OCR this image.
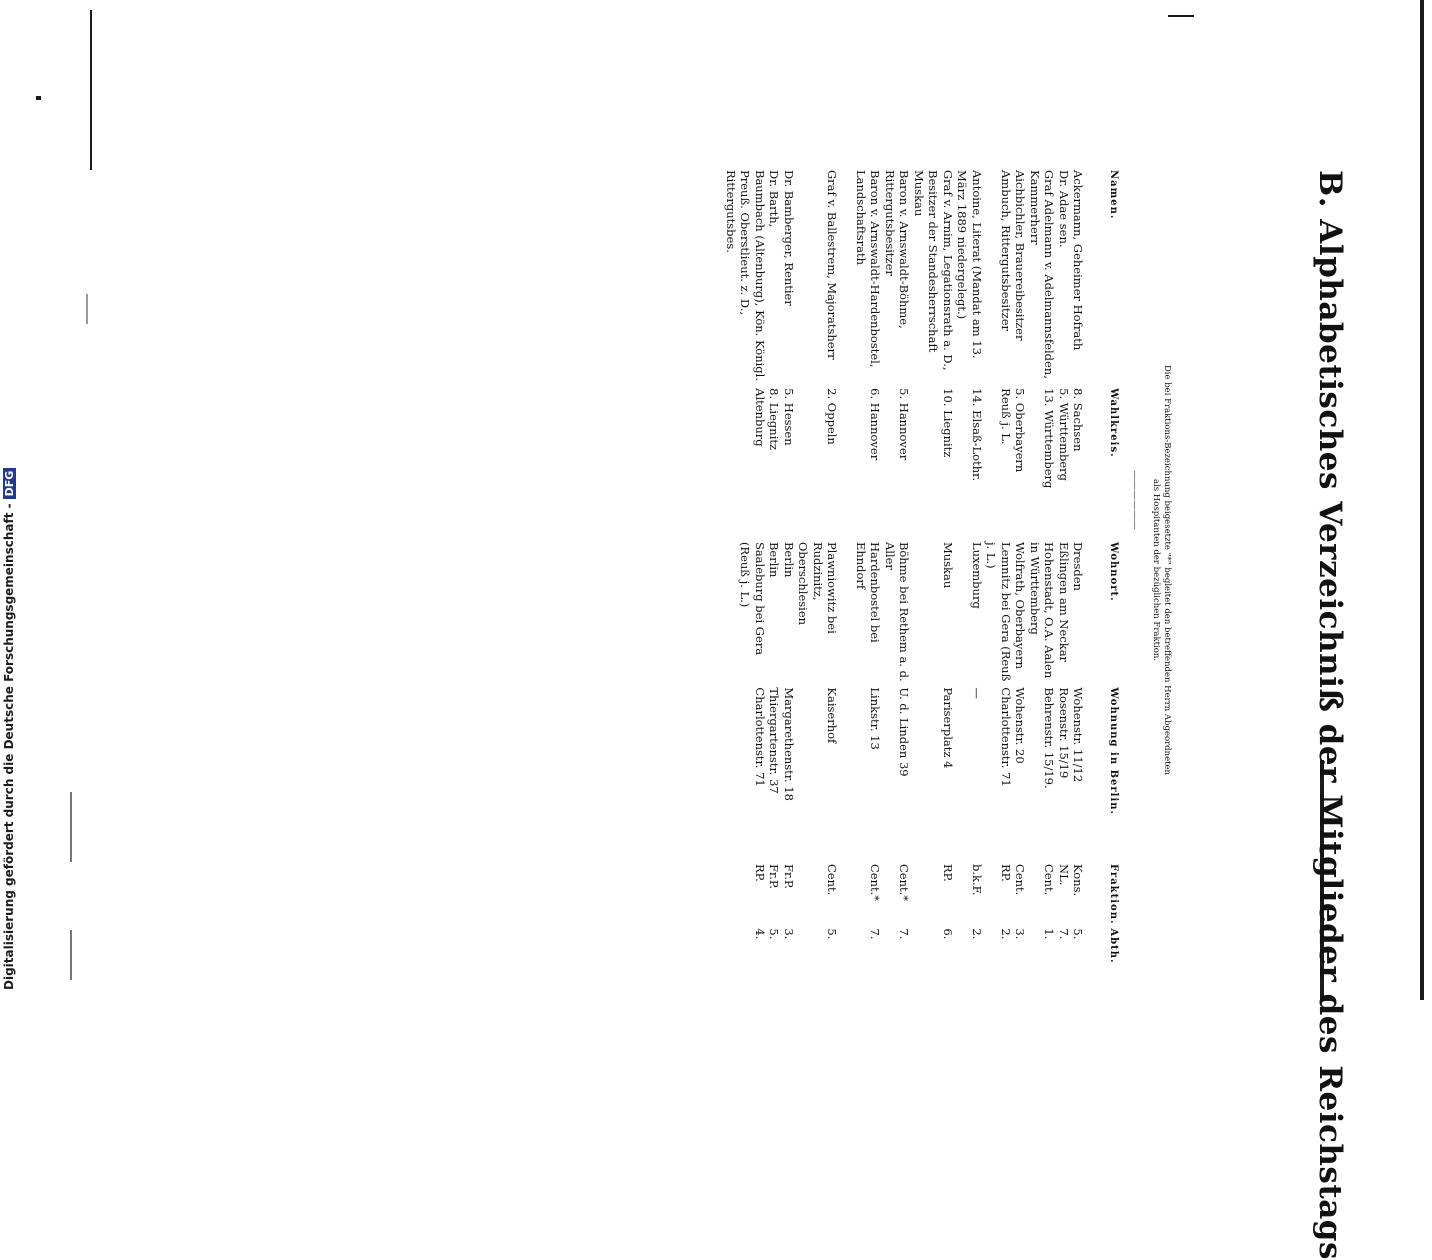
Digitalisierung gefördert durch die Deutsche Forschungsgemeinschaft -DFG	B. Alphabetisches Verzeichniß der Mitglieder des Reichstags
Die bei Fraktions-Bezeichnung beigesetzte "*" begleitet den betreffenden Herrn Abgeordneten
als Hospitanten der bezüglichen Fraktion.
——————
Namen.	Wahlkreis.	Wohnort.	Wohnung in Berlin.	Fraktion.	Abth.
Ackermann, Geheimer Hofrath	8. Sachsen	Dresden	Wohenstr. 11/12	Kons.	5.
Dr. Adae sen.	5. Württemberg	Eßlingen am Neckar	Rosenstr. 15/19	NL.	7.
Graf Adelmann v. Adelmannsfelden, Kammerherr	13. Württemberg	Hohenstadt, O.A. Aalen in Württemberg	Behrenstr. 15/19.	Cent.	1.
Aichbichler, Brauereibesitzer	5. Oberbayern	Wolfrath, Oberbayern	Wohenstr. 20	Cent.	3.
Ambuch, Rittergutsbesitzer	Reuß j. L.	Lemnitz bei Gera (Reuß j. L.)	Charlottenstr. 71	RP.	2.
Antoine, Literat (Mandat am 13. März 1889 niedergelegt.)	14. Elsaß-Lothr.	Luxemburg	—	b.k.F.	2.
Graf v. Arnim, Legationsrath a. D., Besitzer der Standesherrschaft Muskau	10. Liegnitz	Muskau	Pariserplatz 4	RP.	6.
Baron v. Arnswaldt-Böhme, Rittergutsbesitzer	5. Hannover	Böhme bei Rethem a. d. Aller	U. d. Linden 39	Cent.*	7.
Baron v. Arnswaldt-Hardenbostel, Landschaftsrath	6. Hannover	Hardenbostel bei Ehndorf	Linkstr. 13	Cent.*	7.

Graf v. Ballestrem, Majoratsherr	2. Oppeln	Plawniowitz bei Rudzinitz, Oberschlesien	Kaiserhof	Cent.	5.
Dr. Bamberger, Rentier	5. Hessen	Berlin	Margarethenstr. 18	Fr.P.	3.
Dr. Barth,	8. Liegnitz	Berlin	Thiergartenstr. 37	Fr.P.	5.
Baumbach (Altenburg), Kön. Königl. Preuß. Oberstlieut. z. D., Rittergutsbes.	Altenburg	Saaleburg bei Gera (Reuß j. L.)	Charlottenstr. 71	RP.	4.
